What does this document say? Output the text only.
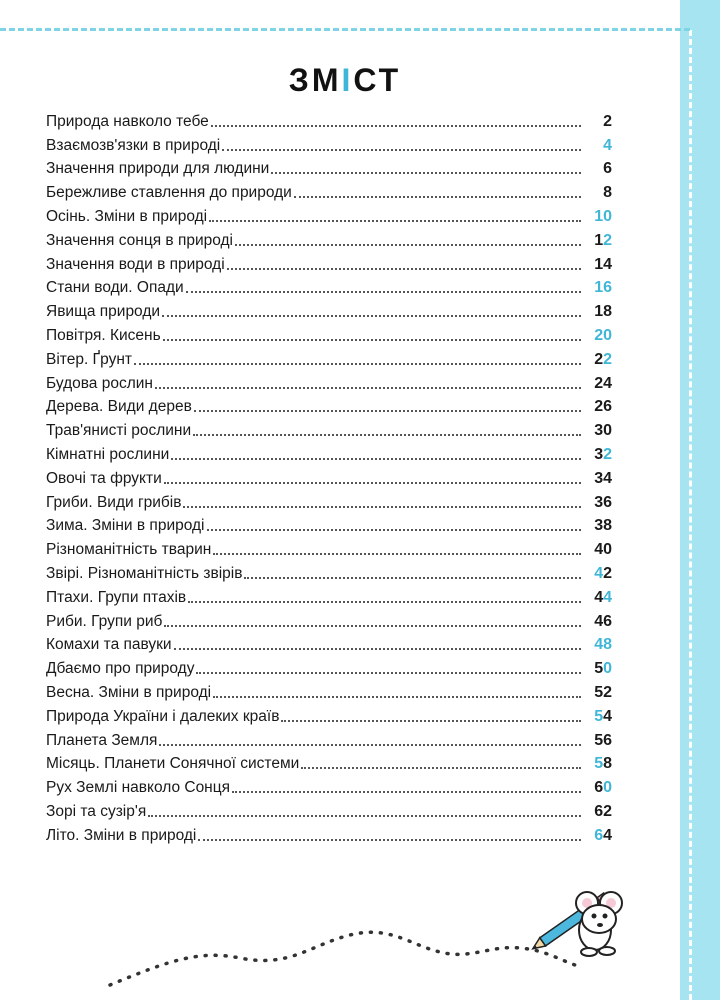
ЗМІСТ
Природа навколо тебе	2
Взаємозв'язки в природі	4
Значення природи для людини	6
Бережливе ставлення до природи	8
Осінь. Зміни в природі	10
Значення сонця в природі	12
Значення води в природі	14
Стани води. Опади	16
Явища природи	18
Повітря. Кисень	20
Вітер. Ґрунт	22
Будова рослин	24
Дерева. Види дерев	26
Трав'янисті рослини	30
Кімнатні рослини	32
Овочі та фрукти	34
Гриби. Види грибів	36
Зима. Зміни в природі	38
Різноманітність тварин	40
Звірі. Різноманітність звірів	42
Птахи. Групи птахів	44
Риби. Групи риб	46
Комахи та павуки	48
Дбаємо про природу	50
Весна. Зміни в природі	52
Природа України і далеких країв	54
Планета Земля	56
Місяць. Планети Сонячної системи	58
Рух Землі навколо Сонця	60
Зорі та сузір'я	62
Літо. Зміни в природі	64
